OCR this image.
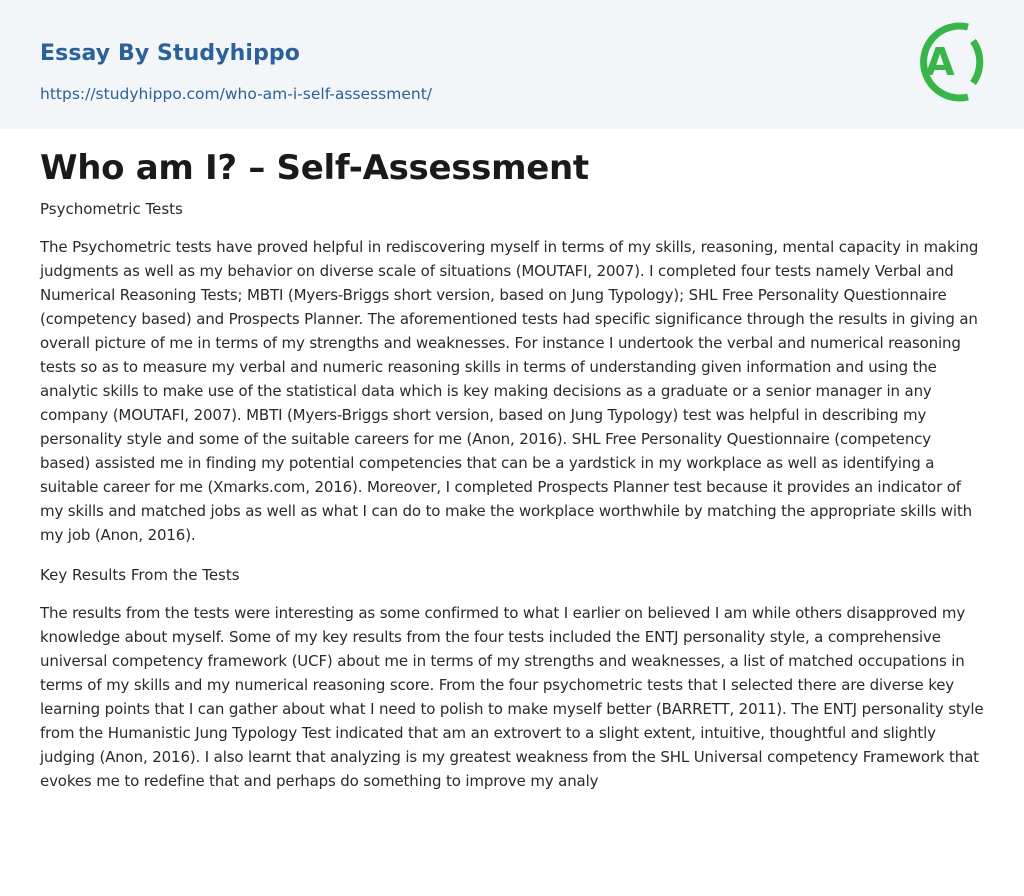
Essay By Studyhippo
https://studyhippo.com/who-am-i-self-assessment/
A
Who am I? – Self-Assessment

Psychometric Tests

The Psychometric tests have proved helpful in rediscovering myself in terms of my skills, reasoning, mental capacity in making judgments as well as my behavior on diverse scale of situations (MOUTAFI, 2007). I completed four tests namely Verbal and Numerical Reasoning Tests; MBTI (Myers-Briggs short version, based on Jung Typology); SHL Free Personality Questionnaire (competency based) and Prospects Planner. The aforementioned tests had specific significance through the results in giving an overall picture of me in terms of my strengths and weaknesses. For instance I undertook the verbal and numerical reasoning tests so as to measure my verbal and numeric reasoning skills in terms of understanding given information and using the analytic skills to make use of the statistical data which is key making decisions as a graduate or a senior manager in any company (MOUTAFI, 2007). MBTI (Myers-Briggs short version, based on Jung Typology) test was helpful in describing my personality style and some of the suitable careers for me (Anon, 2016). SHL Free Personality Questionnaire (competency based) assisted me in finding my potential competencies that can be a yardstick in my workplace as well as identifying a suitable career for me (Xmarks.com, 2016). Moreover, I completed Prospects Planner test because it provides an indicator of my skills and matched jobs as well as what I can do to make the workplace worthwhile by matching the appropriate skills with my job (Anon, 2016).

Key Results From the Tests

The results from the tests were interesting as some confirmed to what I earlier on believed I am while others disapproved my knowledge about myself. Some of my key results from the four tests included the ENTJ personality style, a comprehensive universal competency framework (UCF) about me in terms of my strengths and weaknesses, a list of matched occupations in terms of my skills and my numerical reasoning score. From the four psychometric tests that I selected there are diverse key learning points that I can gather about what I need to polish to make myself better (BARRETT, 2011). The ENTJ personality style from the Humanistic Jung Typology Test indicated that am an extrovert to a slight extent, intuitive, thoughtful and slightly judging (Anon, 2016). I also learnt that analyzing is my greatest weakness from the SHL Universal competency Framework that evokes me to redefine that and perhaps do something to improve my analy
